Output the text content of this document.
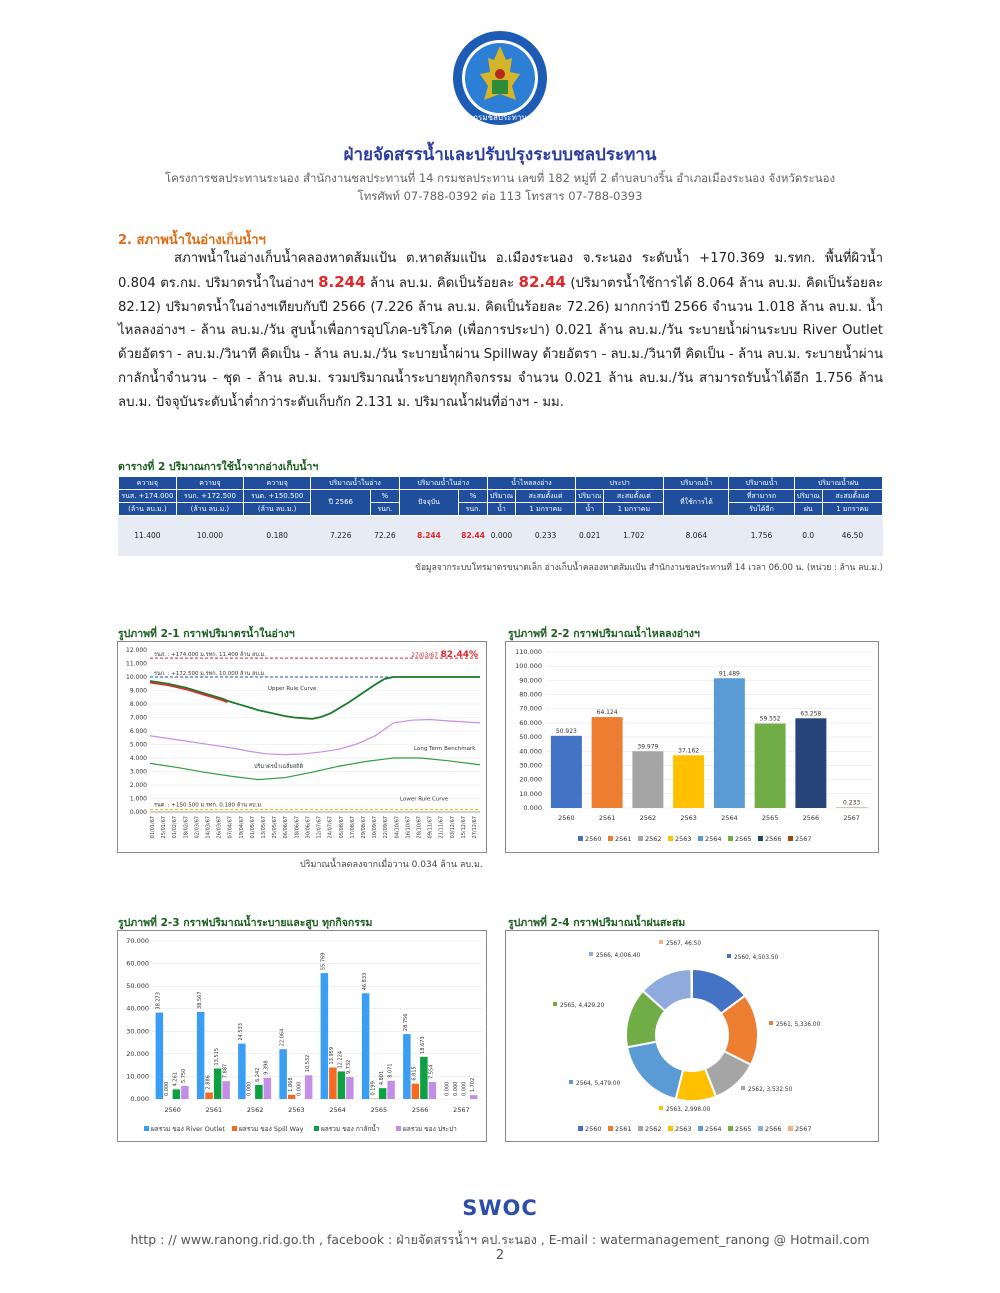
กรมชลประทาน
ฝ่ายจัดสรรน้ำและปรับปรุงระบบชลประทาน
โครงการชลประทานระนอง สำนักงานชลประทานที่ 14 กรมชลประทาน เลขที่ 182 หมู่ที่ 2 ตำบลบางริ้น อำเภอเมืองระนอง จังหวัดระนอง
โทรศัพท์ 07-788-0392 ต่อ 113 โทรสาร 07-788-0393
2. สภาพน้ำในอ่างเก็บน้ำฯ

สภาพน้ำในอ่างเก็บน้ำคลองหาดส้มแป้น ต.หาดส้มแป้น อ.เมืองระนอง จ.ระนอง ระดับน้ำ +170.369 ม.รทก. พื้นที่ผิวน้ำ 0.804 ตร.กม. ปริมาตรน้ำในอ่างฯ 8.244 ล้าน ลบ.ม. คิดเป็นร้อยละ 82.44 (ปริมาตรน้ำใช้การได้ 8.064 ล้าน ลบ.ม. คิดเป็นร้อยละ 82.12) ปริมาตรน้ำในอ่างฯเทียบกับปี 2566 (7.226 ล้าน ลบ.ม. คิดเป็นร้อยละ 72.26) มากกว่าปี 2566 จำนวน 1.018 ล้าน ลบ.ม. น้ำไหลลงอ่างฯ - ล้าน ลบ.ม./วัน สูบน้ำเพื่อการอุปโภค-บริโภค (เพื่อการประปา) 0.021 ล้าน ลบ.ม./วัน ระบายน้ำผ่านระบบ River Outlet ด้วยอัตรา - ลบ.ม./วินาที คิดเป็น - ล้าน ลบ.ม./วัน ระบายน้ำผ่าน Spillway ด้วยอัตรา - ลบ.ม./วินาที คิดเป็น - ล้าน ลบ.ม. ระบายน้ำผ่านกาลักน้ำจำนวน - ชุด - ล้าน ลบ.ม. รวมปริมาณน้ำระบายทุกกิจกรรม จำนวน 0.021 ล้าน ลบ.ม./วัน สามารถรับน้ำได้อีก 1.756 ล้าน ลบ.ม. ปัจจุบันระดับน้ำต่ำกว่าระดับเก็บกัก 2.131 ม. ปริมาณน้ำฝนที่อ่างฯ - มม.

ตารางที่ 2 ปริมาณการใช้น้ำจากอ่างเก็บน้ำฯ
ความจุ	ความจุ	ความจุ	ปริมาณน้ำในอ่าง		ปริมาณน้ำในอ่าง		น้ำไหลลงอ่าง		ประปา		ปริมาณน้ำ	ปริมาณน้ำ	ปริมาณน้ำฝน	
รนส. +174.000	รนก. +172.500	รนต. +150.500	ปี 2566	%	ปัจจุบัน	%	ปริมาณ	สะสมตั้งแต่	ปริมาณ	สะสมตั้งแต่	ที่ใช้การได้	ที่สามารถ	ปริมาณ	สะสมตั้งแต่
(ล้าน ลบ.ม.)	(ล้าน ลบ.ม.)	(ล้าน ลบ.ม.)		รนก.		รนก.	น้ำ	1 มกราคม	น้ำ	1 มกราคม		รับได้อีก	ฝน	1 มกราคม
11.400	10.000	0.180	7.226	72.26	8.244	82.44	0.000	0.233	0.021	1.702	8.064	1.756	0.0	46.50
ข้อมูลจากระบบโทรมาตรขนาดเล็ก อ่างเก็บน้ำคลองหาดส้มแป้น สำนักงานชลประทานที่ 14 เวลา 06.00 น. (หน่วย : ล้าน ลบ.ม.)
รูปภาพที่ 2-1 กราฟปริมาตรน้ำในอ่างฯ	รูปภาพที่ 2-2 กราฟปริมาณน้ำไหลลงอ่างฯ
รูปภาพที่ 2-3 กราฟปริมาณน้ำระบายและสูบ ทุกกิจกรรม	รูปภาพที่ 2-4 กราฟปริมาณน้ำฝนสะสม
0.000
1.000
2.000
3.000
4.000
5.000
6.000
7.000
8.000
9.000
10.000
11.000
12.000
01/01/67 25/01/67 01/02/67 18/02/67 02/03/67 14/03/67 26/03/67 07/04/67 19/04/67 01/05/67 13/05/67 25/05/67 06/06/67 18/06/67 30/06/67 12/07/67 24/07/67 05/08/67 17/08/67 29/08/67 10/09/67 22/09/67 04/10/67 16/10/67 28/10/67 09/11/67 21/11/67 03/12/67 15/12/67 27/12/67
รนส. : +174.000 ม.รทก. 11.400 ล้าน ลบ.ม.	27/03/67 :
82.44%
รนก. : +172.500 ม.รทก. 10.000 ล้าน ลบ.ม.
รนต. : +150.500 ม.รทก. 0.180 ล้าน ลบ.ม.
Upper Rule Curve
Long Term Benchmark
ปริมาตรน้ำเฉลี่ยสถิติ
Lower Rule Curve
0.000
10.000
20.000
30.000
40.000
50.000
60.000
70.000
80.000
90.000
100.000
110.000
50.923
2560
64.124
2561
39.979
2562
37.162
2563
91.489
2564
59.552
2565
63.258
2566
0.233
2567
2560 2561 2562 2563 2564 2565 2566 2567
0.000
10.000
20.000
30.000
40.000
50.000
60.000
70.000
38.273
0.000
4.261 5.750
2560
38.567
2.886
13.515
7.887
2561
24.533
0.000
6.242 9.398
2562
22.064
1.868 0.000
10.532
2563
55.769
13.959 12.224 9.732
2564
46.833
0.199
4.801
8.071
2565
28.756
6.815
18.673
7.554
2566
0.000 0.000 0.000 1.702
2567
ผลรวม ของ River Outlet ผลรวม ของ Spill Way	ผลรวม ของ กาลักน้ำ	ผลรวม ของ ประปา
2560, 4,503.50
2561, 5,336.00
2562, 3,532.50
2563, 2,998.00
2564, 5,479.00
2565, 4,429.20
2566, 4,006.40
2567, 46.50
2560 2561 2562 2563 2564 2565 2566 2567
ปริมาณน้ำลดลงจากเมื่อวาน 0.034 ล้าน ลบ.ม.
SWOC
http : // www.ranong.rid.go.th , facebook : ฝ่ายจัดสรรน้ำฯ คป.ระนอง , E-mail : watermanagement_ranong @ Hotmail.com
2
